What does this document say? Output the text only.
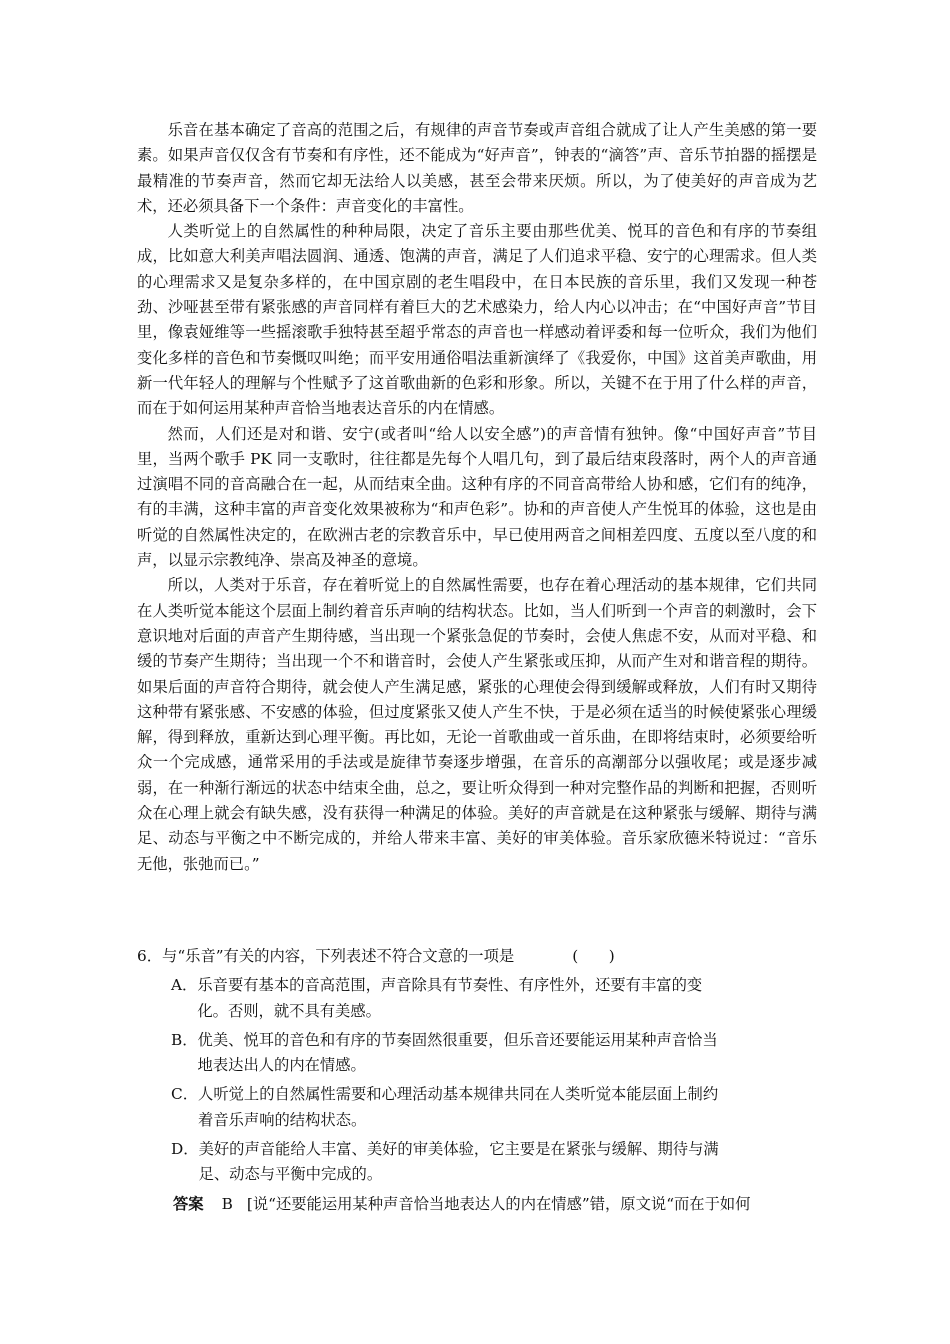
乐音在基本确定了音高的范围之后，有规律的声音节奏或声音组合就成了让人产生美感的第一要素。如果声音仅仅含有节奏和有序性，还不能成为“好声音”，钟表的“滴答”声、音乐节拍器的摇摆是最精准的节奏声音，然而它却无法给人以美感，甚至会带来厌烦。所以，为了使美好的声音成为艺术，还必须具备下一个条件：声音变化的丰富性。

人类听觉上的自然属性的种种局限，决定了音乐主要由那些优美、悦耳的音色和有序的节奏组成，比如意大利美声唱法圆润、通透、饱满的声音，满足了人们追求平稳、安宁的心理需求。但人类的心理需求又是复杂多样的，在中国京剧的老生唱段中，在日本民族的音乐里，我们又发现一种苍劲、沙哑甚至带有紧张感的声音同样有着巨大的艺术感染力，给人内心以冲击；在“中国好声音”节目里，像袁娅维等一些摇滚歌手独特甚至超乎常态的声音也一样感动着评委和每一位听众，我们为他们变化多样的音色和节奏慨叹叫绝；而平安用通俗唱法重新演绎了《我爱你，中国》这首美声歌曲，用新一代年轻人的理解与个性赋予了这首歌曲新的色彩和形象。所以，关键不在于用了什么样的声音，而在于如何运用某种声音恰当地表达音乐的内在情感。

然而，人们还是对和谐、安宁(或者叫“给人以安全感”)的声音情有独钟。像“中国好声音”节目里，当两个歌手 PK 同一支歌时，往往都是先每个人唱几句，到了最后结束段落时，两个人的声音通过演唱不同的音高融合在一起，从而结束全曲。这种有序的不同音高带给人协和感，它们有的纯净，有的丰满，这种丰富的声音变化效果被称为“和声色彩”。协和的声音使人产生悦耳的体验，这也是由听觉的自然属性决定的，在欧洲古老的宗教音乐中，早已使用两音之间相差四度、五度以至八度的和声，以显示宗教纯净、崇高及神圣的意境。

所以，人类对于乐音，存在着听觉上的自然属性需要，也存在着心理活动的基本规律，它们共同在人类听觉本能这个层面上制约着音乐声响的结构状态。比如，当人们听到一个声音的刺激时，会下意识地对后面的声音产生期待感，当出现一个紧张急促的节奏时，会使人焦虑不安，从而对平稳、和缓的节奏产生期待；当出现一个不和谐音时，会使人产生紧张或压抑，从而产生对和谐音程的期待。如果后面的声音符合期待，就会使人产生满足感，紧张的心理使会得到缓解或释放，人们有时又期待这种带有紧张感、不安感的体验，但过度紧张又使人产生不快，于是必须在适当的时候使紧张心理缓解，得到释放，重新达到心理平衡。再比如，无论一首歌曲或一首乐曲，在即将结束时，必须要给听众一个完成感，通常采用的手法或是旋律节奏逐步增强，在音乐的高潮部分以强收尾；或是逐步减弱，在一种渐行渐远的状态中结束全曲，总之，要让听众得到一种对完整作品的判断和把握，否则听众在心理上就会有缺失感，没有获得一种满足的体验。美好的声音就是在这种紧张与缓解、期待与满足、动态与平衡之中不断完成的，并给人带来丰富、美好的审美体验。音乐家欣德米特说过：“音乐无他，张弛而已。”

6．与“乐音”有关的内容，下列表述不符合文意的一项是	(　　)
A． 乐音要有基本的音高范围，声音除具有节奏性、有序性外，还要有丰富的变化。否则，就不具有美感。
B． 优美、悦耳的音色和有序的节奏固然很重要，但乐音还要能运用某种声音恰当地表达出人的内在情感。
C． 人听觉上的自然属性需要和心理活动基本规律共同在人类听觉本能层面上制约着音乐声响的结构状态。
D． 美好的声音能给人丰富、美好的审美体验，它主要是在紧张与缓解、期待与满足、动态与平衡中完成的。
答案 B [说“还要能运用某种声音恰当地表达人的内在情感”错，原文说“而在于如何
